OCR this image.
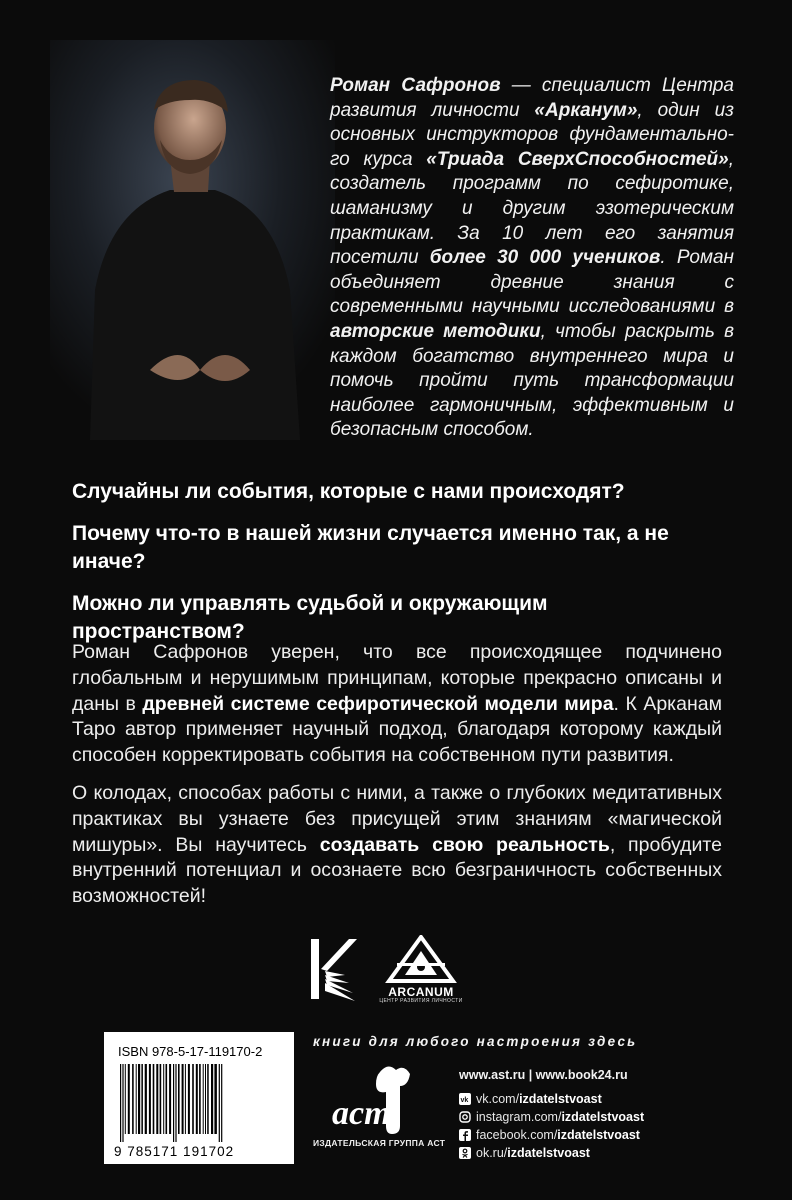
Роман Сафронов — специалист Центра развития личности «Арканум», один из основных инструкторов фундаментального курса «Триада СверхСпособностей», создатель программ по сефиротике, шаманизму и другим эзотерическим практикам. За 10 лет его занятия посетили более 30 000 учеников. Роман объединяет древние знания с современными научными исследованиями в авторские методики, чтобы раскрыть в каждом богатство внутреннего мира и помочь пройти путь трансформации наиболее гармоничным, эффективным и безопасным способом.

Случайны ли события, которые с нами происходят?

Почему что-то в нашей жизни случается именно так, а не иначе?

Можно ли управлять судьбой и окружающим пространством?

Роман Сафронов уверен, что все происходящее подчинено глобальным и нерушимым принципам, которые прекрасно описаны и даны в древней системе сефиротической модели мира. К Арканам Таро автор применяет научный подход, благодаря которому каждый способен корректировать события на собственном пути развития.

О колодах, способах работы с ними, а также о глубоких медитативных практиках вы узнаете без присущей этим знаниям «магической мишуры». Вы научитесь создавать свою реальность, пробудите внутренний потенциал и осознаете всю безграничность собственных возможностей!

ARCANUM
ЦЕНТР РАЗВИТИЯ ЛИЧНОСТИ
ISBN 978-5-17-119170-2
9 785171 191702
книги для любого настроения здесь
аст
ИЗДАТЕЛЬСКАЯ ГРУППА АСТ
www.ast.ru | www.book24.ru
vk vk.com/ izdatelstvoast
instagram.com/ izdatelstvoast
facebook.com/ izdatelstvoast
ok.ru/ izdatelstvoast
